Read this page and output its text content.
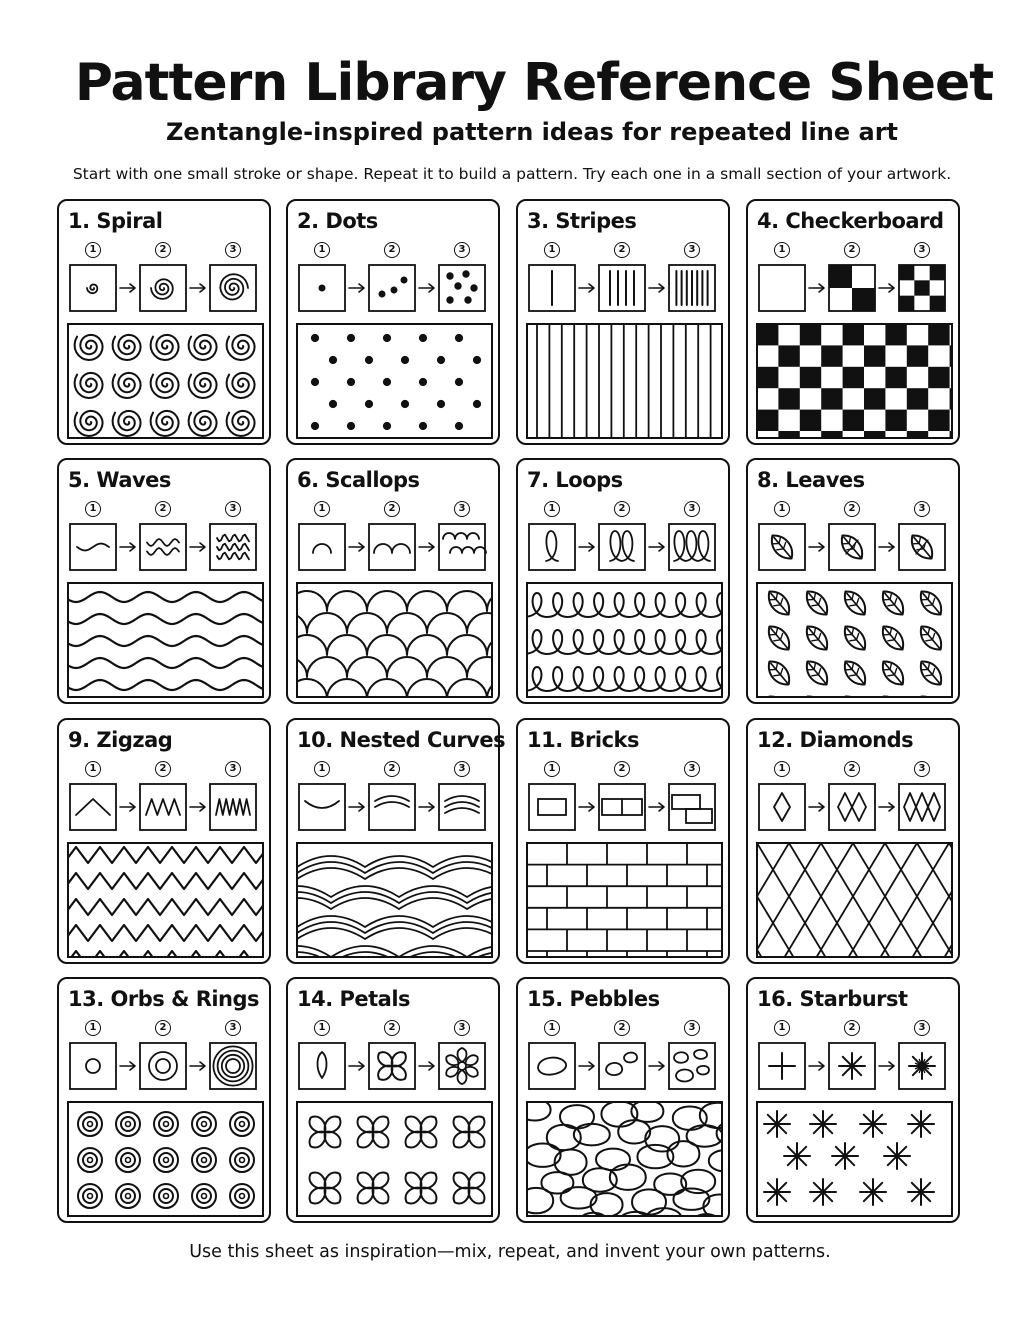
Pattern Library Reference Sheet
Zentangle-inspired pattern ideas for repeated line art
Start with one small stroke or shape. Repeat it to build a pattern. Try each one in a small section of your artwork.
1. Spiral
1	2	3
2. Dots
1	2	3
3. Stripes
1	2	3
4. Checkerboard
1	2	3
5. Waves
1	2	3
6. Scallops
1	2	3
7. Loops
1	2	3
8. Leaves
1	2	3
9. Zigzag
1	2	3
10. Nested Curves
1	2	3
11. Bricks
1	2	3
12. Diamonds
1	2	3
13. Orbs & Rings
1	2	3
14. Petals
1	2	3
15. Pebbles
1	2	3
16. Starburst
1	2	3
Use this sheet as inspiration—mix, repeat, and invent your own patterns.
